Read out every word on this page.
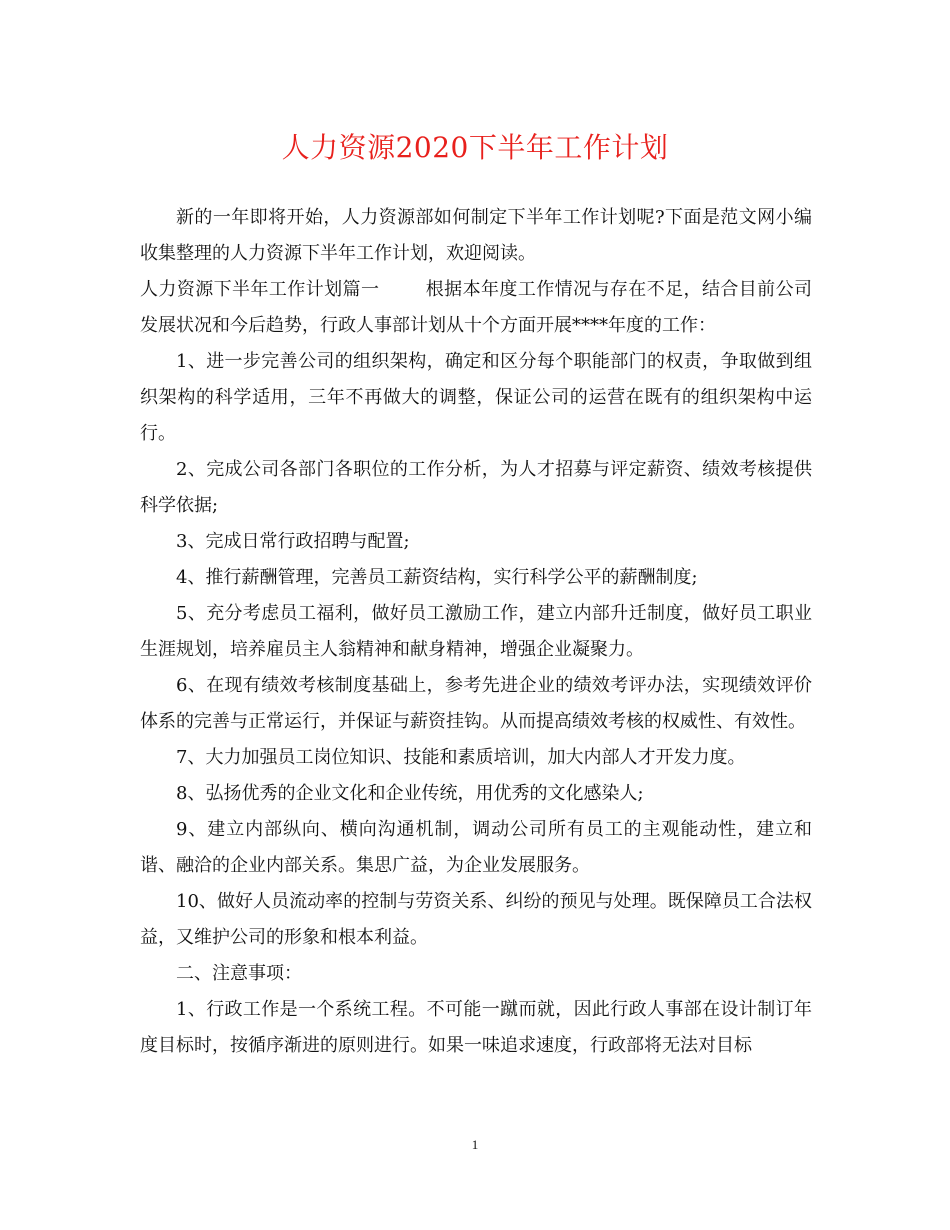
人力资源2020下半年工作计划

新的一年即将开始，人力资源部如何制定下半年工作计划呢?下面是范文网小编收集整理的人力资源下半年工作计划，欢迎阅读。

人力资源下半年工作计划篇一	根据本年度工作情况与存在不足，结合目前公司发展状况和今后趋势，行政人事部计划从十个方面开展****年度的工作：

1、进一步完善公司的组织架构，确定和区分每个职能部门的权责，争取做到组织架构的科学适用，三年不再做大的调整，保证公司的运营在既有的组织架构中运行。

2、完成公司各部门各职位的工作分析，为人才招募与评定薪资、绩效考核提供科学依据;

3、完成日常行政招聘与配置;

4、推行薪酬管理，完善员工薪资结构，实行科学公平的薪酬制度;

5、充分考虑员工福利，做好员工激励工作，建立内部升迁制度，做好员工职业生涯规划，培养雇员主人翁精神和献身精神，增强企业凝聚力。

6、在现有绩效考核制度基础上，参考先进企业的绩效考评办法，实现绩效评价体系的完善与正常运行，并保证与薪资挂钩。从而提高绩效考核的权威性、有效性。

7、大力加强员工岗位知识、技能和素质培训，加大内部人才开发力度。

8、弘扬优秀的企业文化和企业传统，用优秀的文化感染人;

9、建立内部纵向、横向沟通机制，调动公司所有员工的主观能动性，建立和谐、融洽的企业内部关系。集思广益，为企业发展服务。

10、做好人员流动率的控制与劳资关系、纠纷的预见与处理。既保障员工合法权益，又维护公司的形象和根本利益。

二、注意事项：

1、行政工作是一个系统工程。不可能一蹴而就，因此行政人事部在设计制订年度目标时，按循序渐进的原则进行。如果一味追求速度，行政部将无法对目标

1
